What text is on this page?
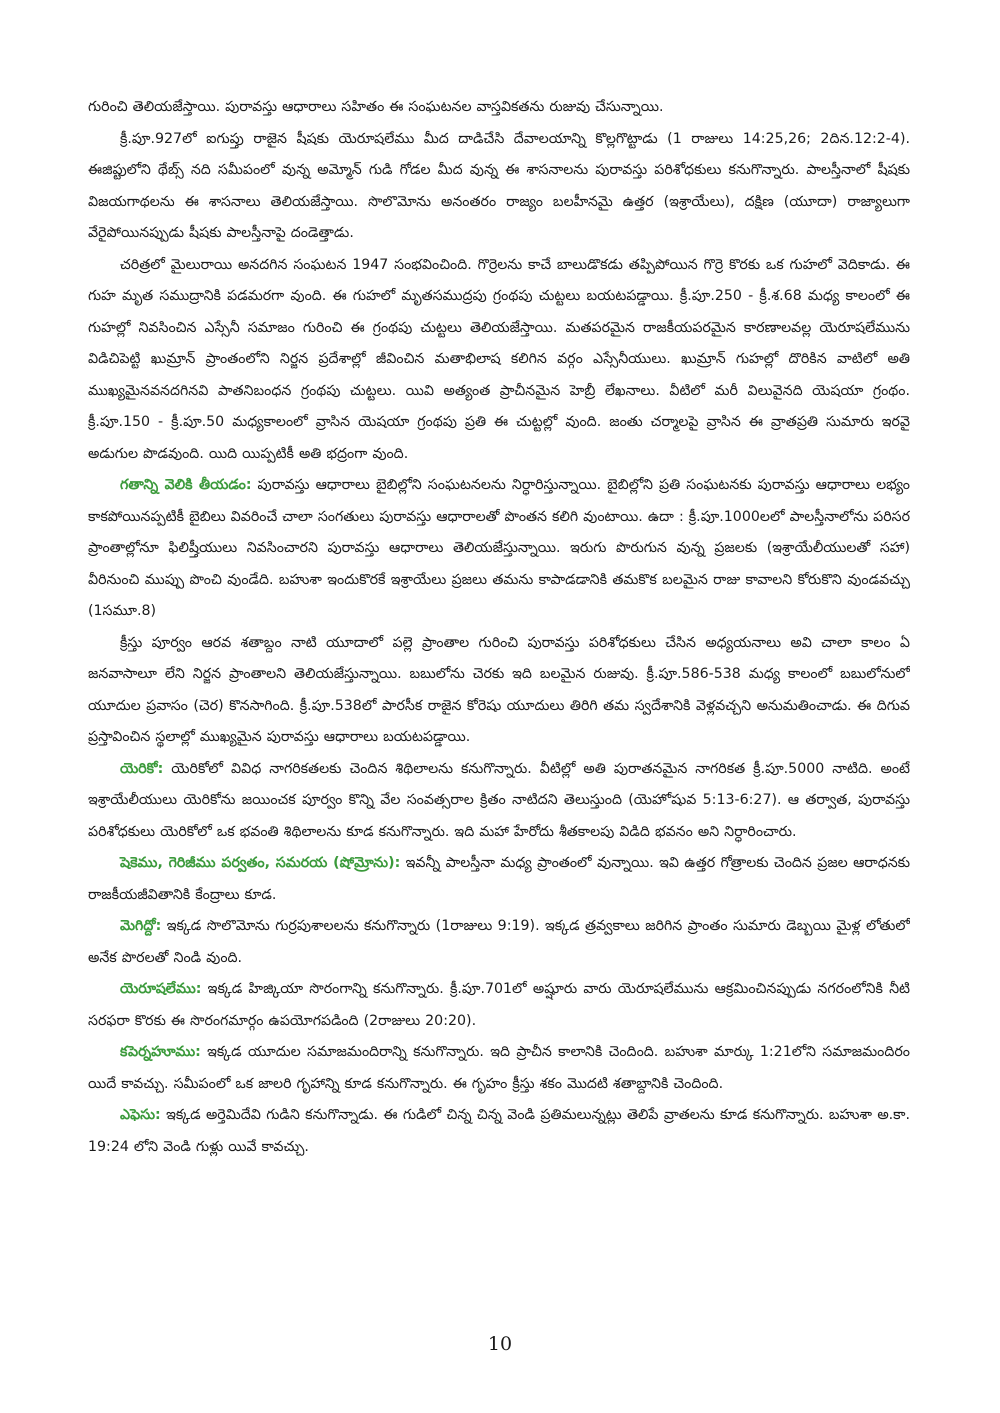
గురించి తెలియజేస్తాయి. పురావస్తు ఆధారాలు సహితం ఈ సంఘటనల వాస్తవికతను రుజువు చేసున్నాయి.

క్రీ.పూ.927లో ఐగుప్తు రాజైన షీషకు యెరూషలేము మీద దాడిచేసి దేవాలయాన్ని కొల్లగొట్టాడు (1 రాజులు 14:25,26; 2దిన.12:2-4). ఈజిప్టులోని థేబ్స్ నది సమీపంలో వున్న అమ్మోన్ గుడి గోడల మీద వున్న ఈ శాసనాలను పురావస్తు పరిశోధకులు కనుగొన్నారు. పాలస్తీనాలో షీషకు విజయగాథలను ఈ శాసనాలు తెలియజేస్తాయి. సొలొమోను అనంతరం రాజ్యం బలహీనమై ఉత్తర (ఇశ్రాయేలు), దక్షిణ (యూదా) రాజ్యాలుగా వేరైపోయినప్పుడు షీషకు పాలస్తీనాపై దండెత్తాడు.

చరిత్రలో మైలురాయి అనదగిన సంఘటన 1947 సంభవించింది. గొర్రెలను కాచే బాలుడొకడు తప్పిపోయిన గొర్రె కొరకు ఒక గుహలో వెదికాడు. ఈ గుహ మృత సముద్రానికి పడమరగా వుంది. ఈ గుహలో మృతసముద్రపు గ్రంథపు చుట్టలు బయటపడ్డాయి. క్రీ.పూ.250 - క్రీ.శ.68 మధ్య కాలంలో ఈ గుహల్లో నివసించిన ఎస్సేనీ సమాజం గురించి ఈ గ్రంథపు చుట్టలు తెలియజేస్తాయి. మతపరమైన రాజకీయపరమైన కారణాలవల్ల యెరూషలేమును విడిచిపెట్టి ఖుమ్రాన్ ప్రాంతంలోని నిర్జన ప్రదేశాల్లో జీవించిన మతాభిలాష కలిగిన వర్గం ఎస్సేనీయులు. ఖుమ్రాన్ గుహల్లో దొరికిన వాటిలో అతి ముఖ్యమైనవనదగినవి పాతనిబంధన గ్రంథపు చుట్టలు. యివి అత్యంత ప్రాచీనమైన హెబ్రీ లేఖనాలు. వీటిలో మరీ విలువైనది యెషయా గ్రంథం. క్రీ.పూ.150 - క్రీ.పూ.50 మధ్యకాలంలో వ్రాసిన యెషయా గ్రంథపు ప్రతి ఈ చుట్టల్లో వుంది. జంతు చర్మాలపై వ్రాసిన ఈ వ్రాతప్రతి సుమారు ఇరవై అడుగుల పొడవుంది. యిది యిప్పటికీ అతి భద్రంగా వుంది.

గతాన్ని వెలికి తీయడం: పురావస్తు ఆధారాలు బైబిల్లోని సంఘటనలను నిర్ధారిస్తున్నాయి. బైబిల్లోని ప్రతి సంఘటనకు పురావస్తు ఆధారాలు లభ్యం కాకపోయినప్పటికీ బైబిలు వివరించే చాలా సంగతులు పురావస్తు ఆధారాలతో పొంతన కలిగి వుంటాయి. ఉదా : క్రీ.పూ.1000లలో పాలస్తీనాలోను పరిసర ప్రాంతాల్లోనూ ఫిలిష్తీయులు నివసించారని పురావస్తు ఆధారాలు తెలియజేస్తున్నాయి. ఇరుగు పొరుగున వున్న ప్రజలకు (ఇశ్రాయేలీయులతో సహా) వీరినుంచి ముప్పు పొంచి వుండేది. బహుశా ఇందుకొరకే ఇశ్రాయేలు ప్రజలు తమను కాపాడడానికి తమకొక బలమైన రాజు కావాలని కోరుకొని వుండవచ్చు (1సమూ.8)

క్రీస్తు పూర్వం ఆరవ శతాబ్దం నాటి యూదాలో పల్లె ప్రాంతాల గురించి పురావస్తు పరిశోధకులు చేసిన అధ్యయనాలు అవి చాలా కాలం ఏ జనవాసాలూ లేని నిర్జన ప్రాంతాలని తెలియజేస్తున్నాయి. బబులోను చెరకు ఇది బలమైన రుజువు. క్రీ.పూ.586-538 మధ్య కాలంలో బబులోనులో యూదుల ప్రవాసం (చెర) కొనసాగింది. క్రీ.పూ.538లో పారసీక రాజైన కోరెషు యూదులు తిరిగి తమ స్వదేశానికి వెళ్లవచ్చని అనుమతించాడు. ఈ దిగువ ప్రస్తావించిన స్థలాల్లో ముఖ్యమైన పురావస్తు ఆధారాలు బయటపడ్డాయి.

యెరికో: యెరికోలో వివిధ నాగరికతలకు చెందిన శిథిలాలను కనుగొన్నారు. వీటిల్లో అతి పురాతనమైన నాగరికత క్రీ.పూ.5000 నాటిది. అంటే ఇశ్రాయేలీయులు యెరికోను జయించక పూర్వం కొన్ని వేల సంవత్సరాల క్రితం నాటిదని తెలుస్తుంది (యెహోషువ 5:13-6:27). ఆ తర్వాత, పురావస్తు పరిశోధకులు యెరికోలో ఒక భవంతి శిథిలాలను కూడ కనుగొన్నారు. ఇది మహా హేరోదు శీతకాలపు విడిది భవనం అని నిర్ధారించారు.

షెకెము, గెరిజీము పర్వతం, సమరయ (షోమ్రోను): ఇవన్నీ పాలస్తీనా మధ్య ప్రాంతంలో వున్నాయి. ఇవి ఉత్తర గోత్రాలకు చెందిన ప్రజల ఆరాధనకు రాజకీయజీవితానికి కేంద్రాలు కూడ.

మెగిద్దో: ఇక్కడ సొలొమోను గుర్రపుశాలలను కనుగొన్నారు (1రాజులు 9:19). ఇక్కడ త్రవ్వకాలు జరిగిన ప్రాంతం సుమారు డెబ్బయి మైళ్ల లోతులో అనేక పొరలతో నిండి వుంది.

యెరూషలేము: ఇక్కడ హిజ్కియా సొరంగాన్ని కనుగొన్నారు. క్రీ.పూ.701లో అష్షూరు వారు యెరూషలేమును ఆక్రమించినప్పుడు నగరంలోనికి నీటి సరఫరా కొరకు ఈ సొరంగమార్గం ఉపయోగపడింది (2రాజులు 20:20).

కపెర్నహూము: ఇక్కడ యూదుల సమాజమందిరాన్ని కనుగొన్నారు. ఇది ప్రాచీన కాలానికి చెందింది. బహుశా మార్కు 1:21లోని సమాజమందిరం యిదే కావచ్చు. సమీపంలో ఒక జాలరి గృహాన్ని కూడ కనుగొన్నారు. ఈ గృహం క్రీస్తు శకం మొదటి శతాబ్దానికి చెందింది.

ఎఫెసు: ఇక్కడ అర్తెమిదేవి గుడిని కనుగొన్నాడు. ఈ గుడిలో చిన్న చిన్న వెండి ప్రతిమలున్నట్లు తెలిపే వ్రాతలను కూడ కనుగొన్నారు. బహుశా అ.కా. 19:24 లోని వెండి గుళ్లు యివే కావచ్చు.

10
